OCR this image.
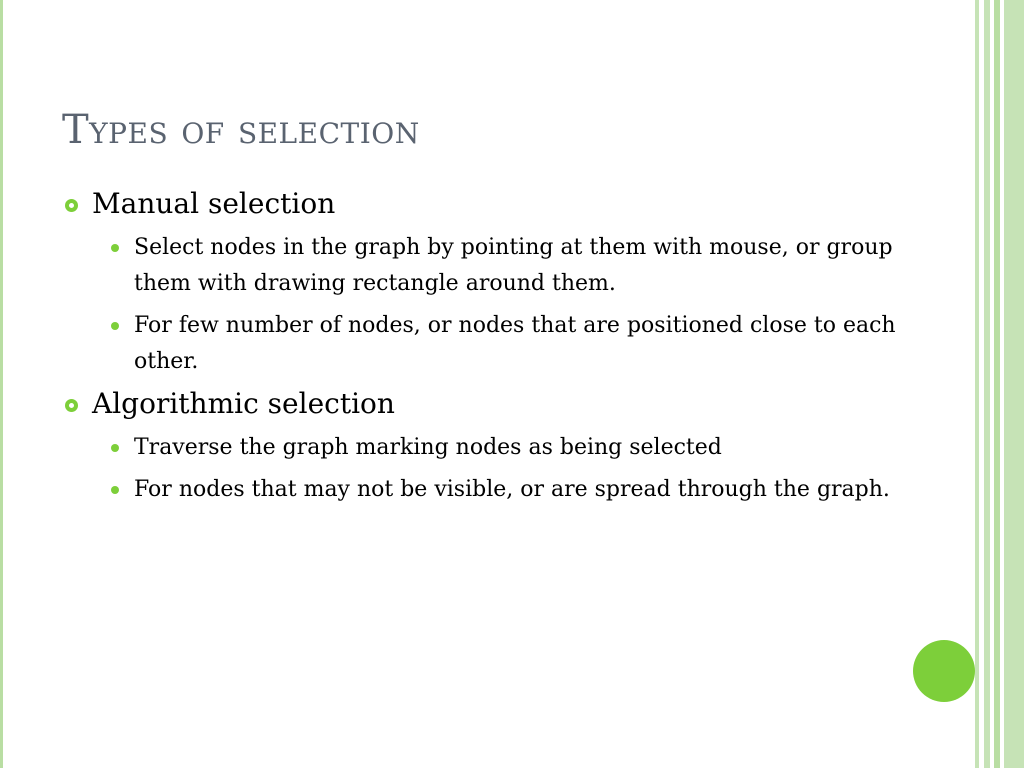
Types of selection
Manual selection
Select nodes in the graph by pointing at them with mouse, or group them with drawing rectangle around them.
For few number of nodes, or nodes that are positioned close to each other.
Algorithmic selection
Traverse the graph marking nodes as being selected
For nodes that may not be visible, or are spread through the graph.
